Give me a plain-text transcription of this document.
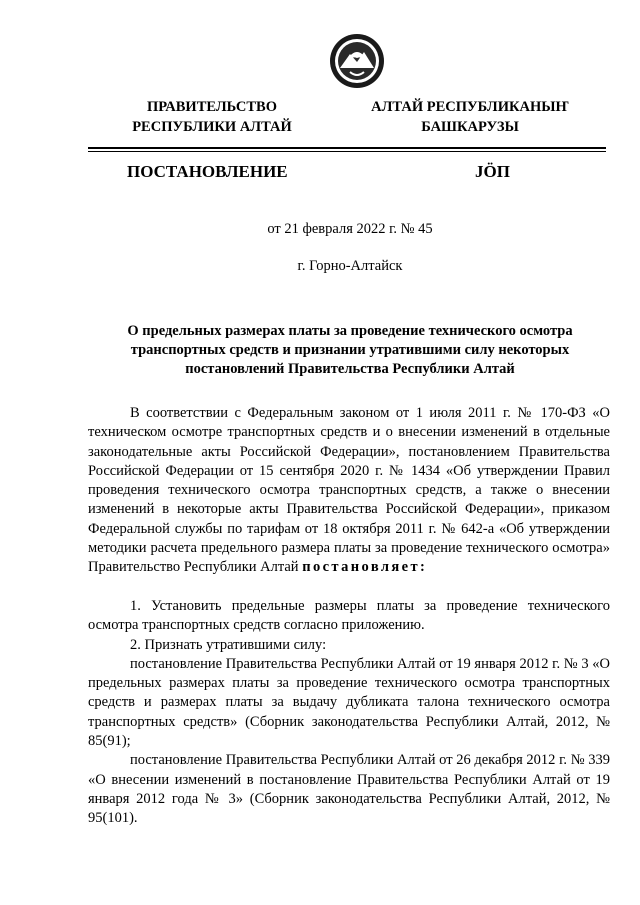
ПРАВИТЕЛЬСТВО
РЕСПУБЛИКИ АЛТАЙ
АЛТАЙ РЕСПУБЛИКАНЫҤ
БАШКАРУЗЫ
ПОСТАНОВЛЕНИЕ	JÖП
от 21 февраля 2022 г. № 45
г. Горно-Алтайск
О предельных размерах платы за проведение технического осмотра
транспортных средств и признании утратившими силу некоторых
постановлений Правительства Республики Алтай

В соответствии с Федеральным законом от 1 июля 2011 г. № 170-ФЗ «О техническом осмотре транспортных средств и о внесении изменений в отдельные законодательные акты Российской Федерации», постановлением Правительства Российской Федерации от 15 сентября 2020 г. № 1434 «Об утверждении Правил проведения технического осмотра транспортных средств, а также о внесении изменений в некоторые акты Правительства Российской Федерации», приказом Федеральной службы по тарифам от 18 октября 2011 г. № 642-а «Об утверждении методики расчета предельного размера платы за проведение технического осмотра» Правительство Республики Алтай постановляет:

1. Установить предельные размеры платы за проведение технического осмотра транспортных средств согласно приложению.

2. Признать утратившими силу:

постановление Правительства Республики Алтай от 19 января 2012 г. № 3 «О предельных размерах платы за проведение технического осмотра транспортных средств и размерах платы за выдачу дубликата талона технического осмотра транспортных средств» (Сборник законодательства Республики Алтай, 2012, № 85(91);

постановление Правительства Республики Алтай от 26 декабря 2012 г. № 339 «О внесении изменений в постановление Правительства Республики Алтай от 19 января 2012 года № 3» (Сборник законодательства Республики Алтай, 2012, № 95(101).
